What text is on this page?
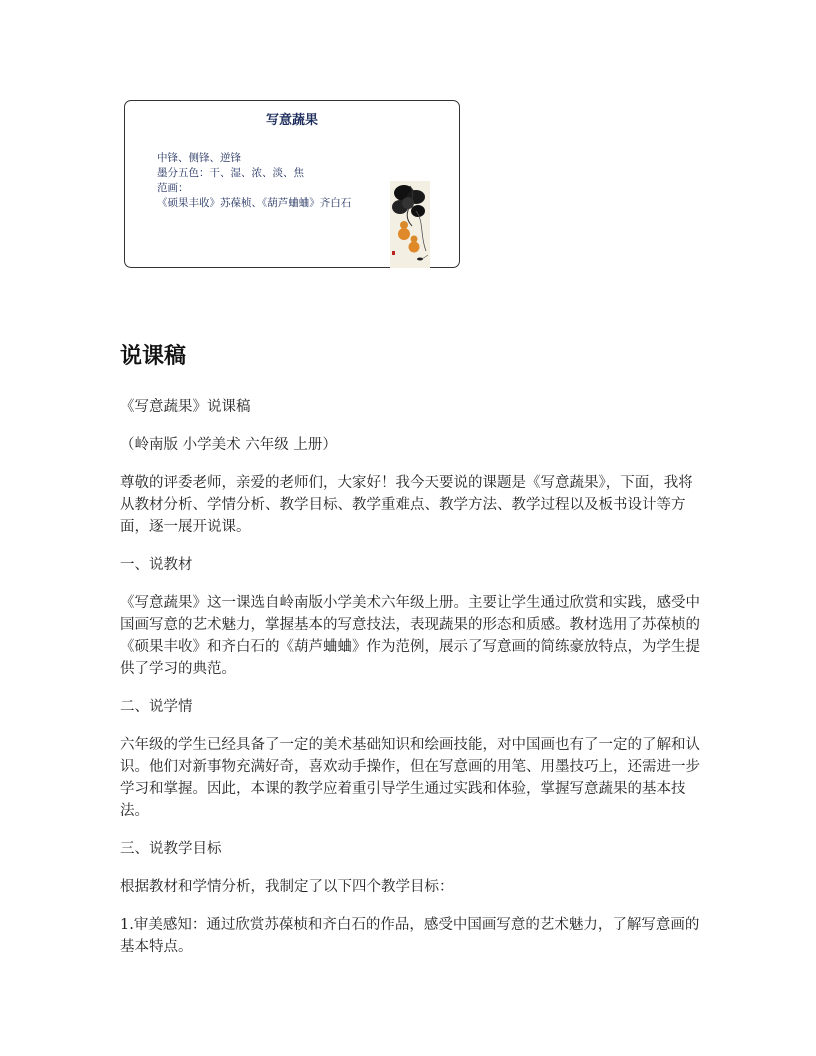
写意蔬果
中锋、侧锋、逆锋
墨分五色：干、湿、浓、淡、焦
范画：
《硕果丰收》苏葆桢、《葫芦蛐蛐》齐白石
说课稿

《写意蔬果》说课稿

（岭南版 小学美术 六年级 上册）

尊敬的评委老师，亲爱的老师们，大家好！我今天要说的课题是《写意蔬果》，下面，我将从教材分析、学情分析、教学目标、教学重难点、教学方法、教学过程以及板书设计等方面，逐一展开说课。

一、说教材

《写意蔬果》这一课选自岭南版小学美术六年级上册。主要让学生通过欣赏和实践，感受中国画写意的艺术魅力，掌握基本的写意技法，表现蔬果的形态和质感。教材选用了苏葆桢的《硕果丰收》和齐白石的《葫芦蛐蛐》作为范例，展示了写意画的简练豪放特点，为学生提供了学习的典范。

二、说学情

六年级的学生已经具备了一定的美术基础知识和绘画技能，对中国画也有了一定的了解和认识。他们对新事物充满好奇，喜欢动手操作，但在写意画的用笔、用墨技巧上，还需进一步学习和掌握。因此，本课的教学应着重引导学生通过实践和体验，掌握写意蔬果的基本技法。

三、说教学目标

根据教材和学情分析，我制定了以下四个教学目标：

1.审美感知：通过欣赏苏葆桢和齐白石的作品，感受中国画写意的艺术魅力，了解写意画的基本特点。
